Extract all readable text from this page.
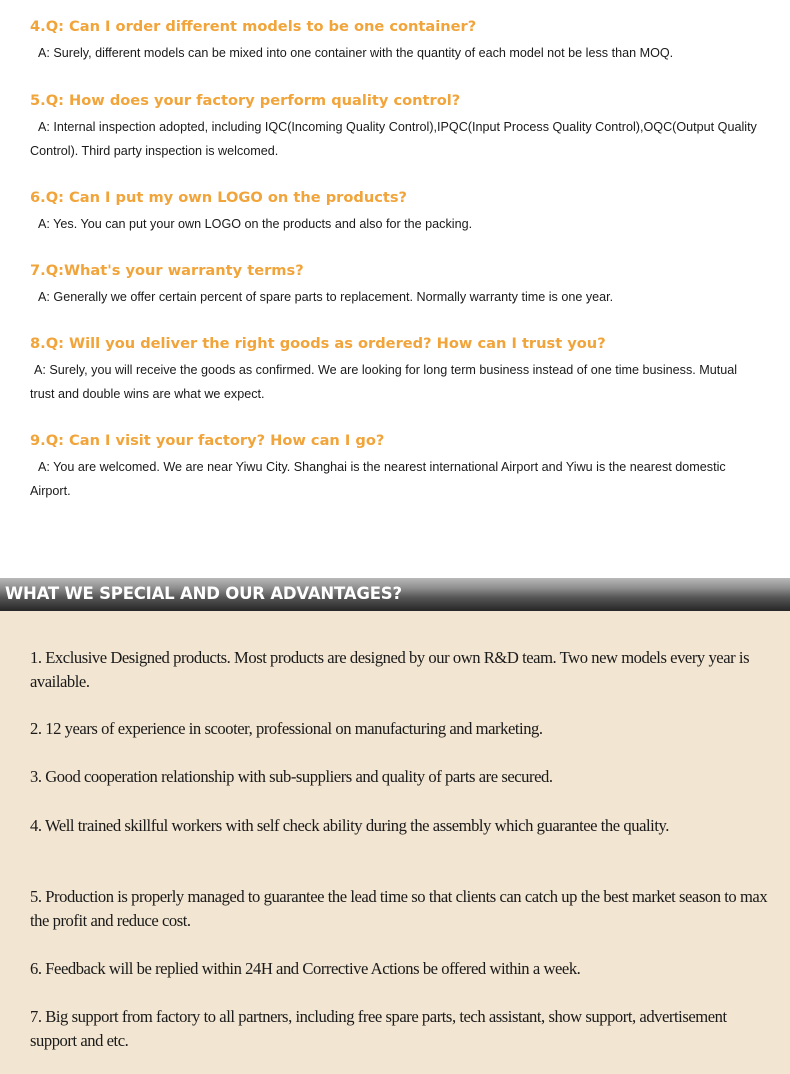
4.Q: Can I order different models to be one container?

A: Surely, different models can be mixed into one container with the quantity of each model not be less than MOQ.

5.Q: How does your factory perform quality control?

A: Internal inspection adopted, including IQC(Incoming Quality Control),IPQC(Input Process Quality Control),OQC(Output Quality Control). Third party inspection is welcomed.

6.Q: Can I put my own LOGO on the products?

A: Yes. You can put your own LOGO on the products and also for the packing.

7.Q:What's your warranty terms?

A: Generally we offer certain percent of spare parts to replacement. Normally warranty time is one year.

8.Q: Will you deliver the right goods as ordered? How can I trust you?

A: Surely, you will receive the goods as confirmed. We are looking for long term business instead of one time business. Mutual trust and double wins are what we expect.

9.Q: Can I visit your factory? How can I go?

A: You are welcomed. We are near Yiwu City. Shanghai is the nearest international Airport and Yiwu is the nearest domestic Airport.

WHAT WE SPECIAL AND OUR ADVANTAGES?

1. Exclusive Designed products. Most products are designed by our own R&D team. Two new models every year is available.

2. 12 years of experience in scooter, professional on manufacturing and marketing.

3. Good cooperation relationship with sub-suppliers and quality of parts are secured.

4. Well trained skillful workers with self check ability during the assembly which guarantee the quality.

5. Production is properly managed to guarantee the lead time so that clients can catch up the best market season to max the profit and reduce cost.

6. Feedback will be replied within 24H and Corrective Actions be offered within a week.

7. Big support from factory to all partners, including free spare parts, tech assistant, show support, advertisement support and etc.
